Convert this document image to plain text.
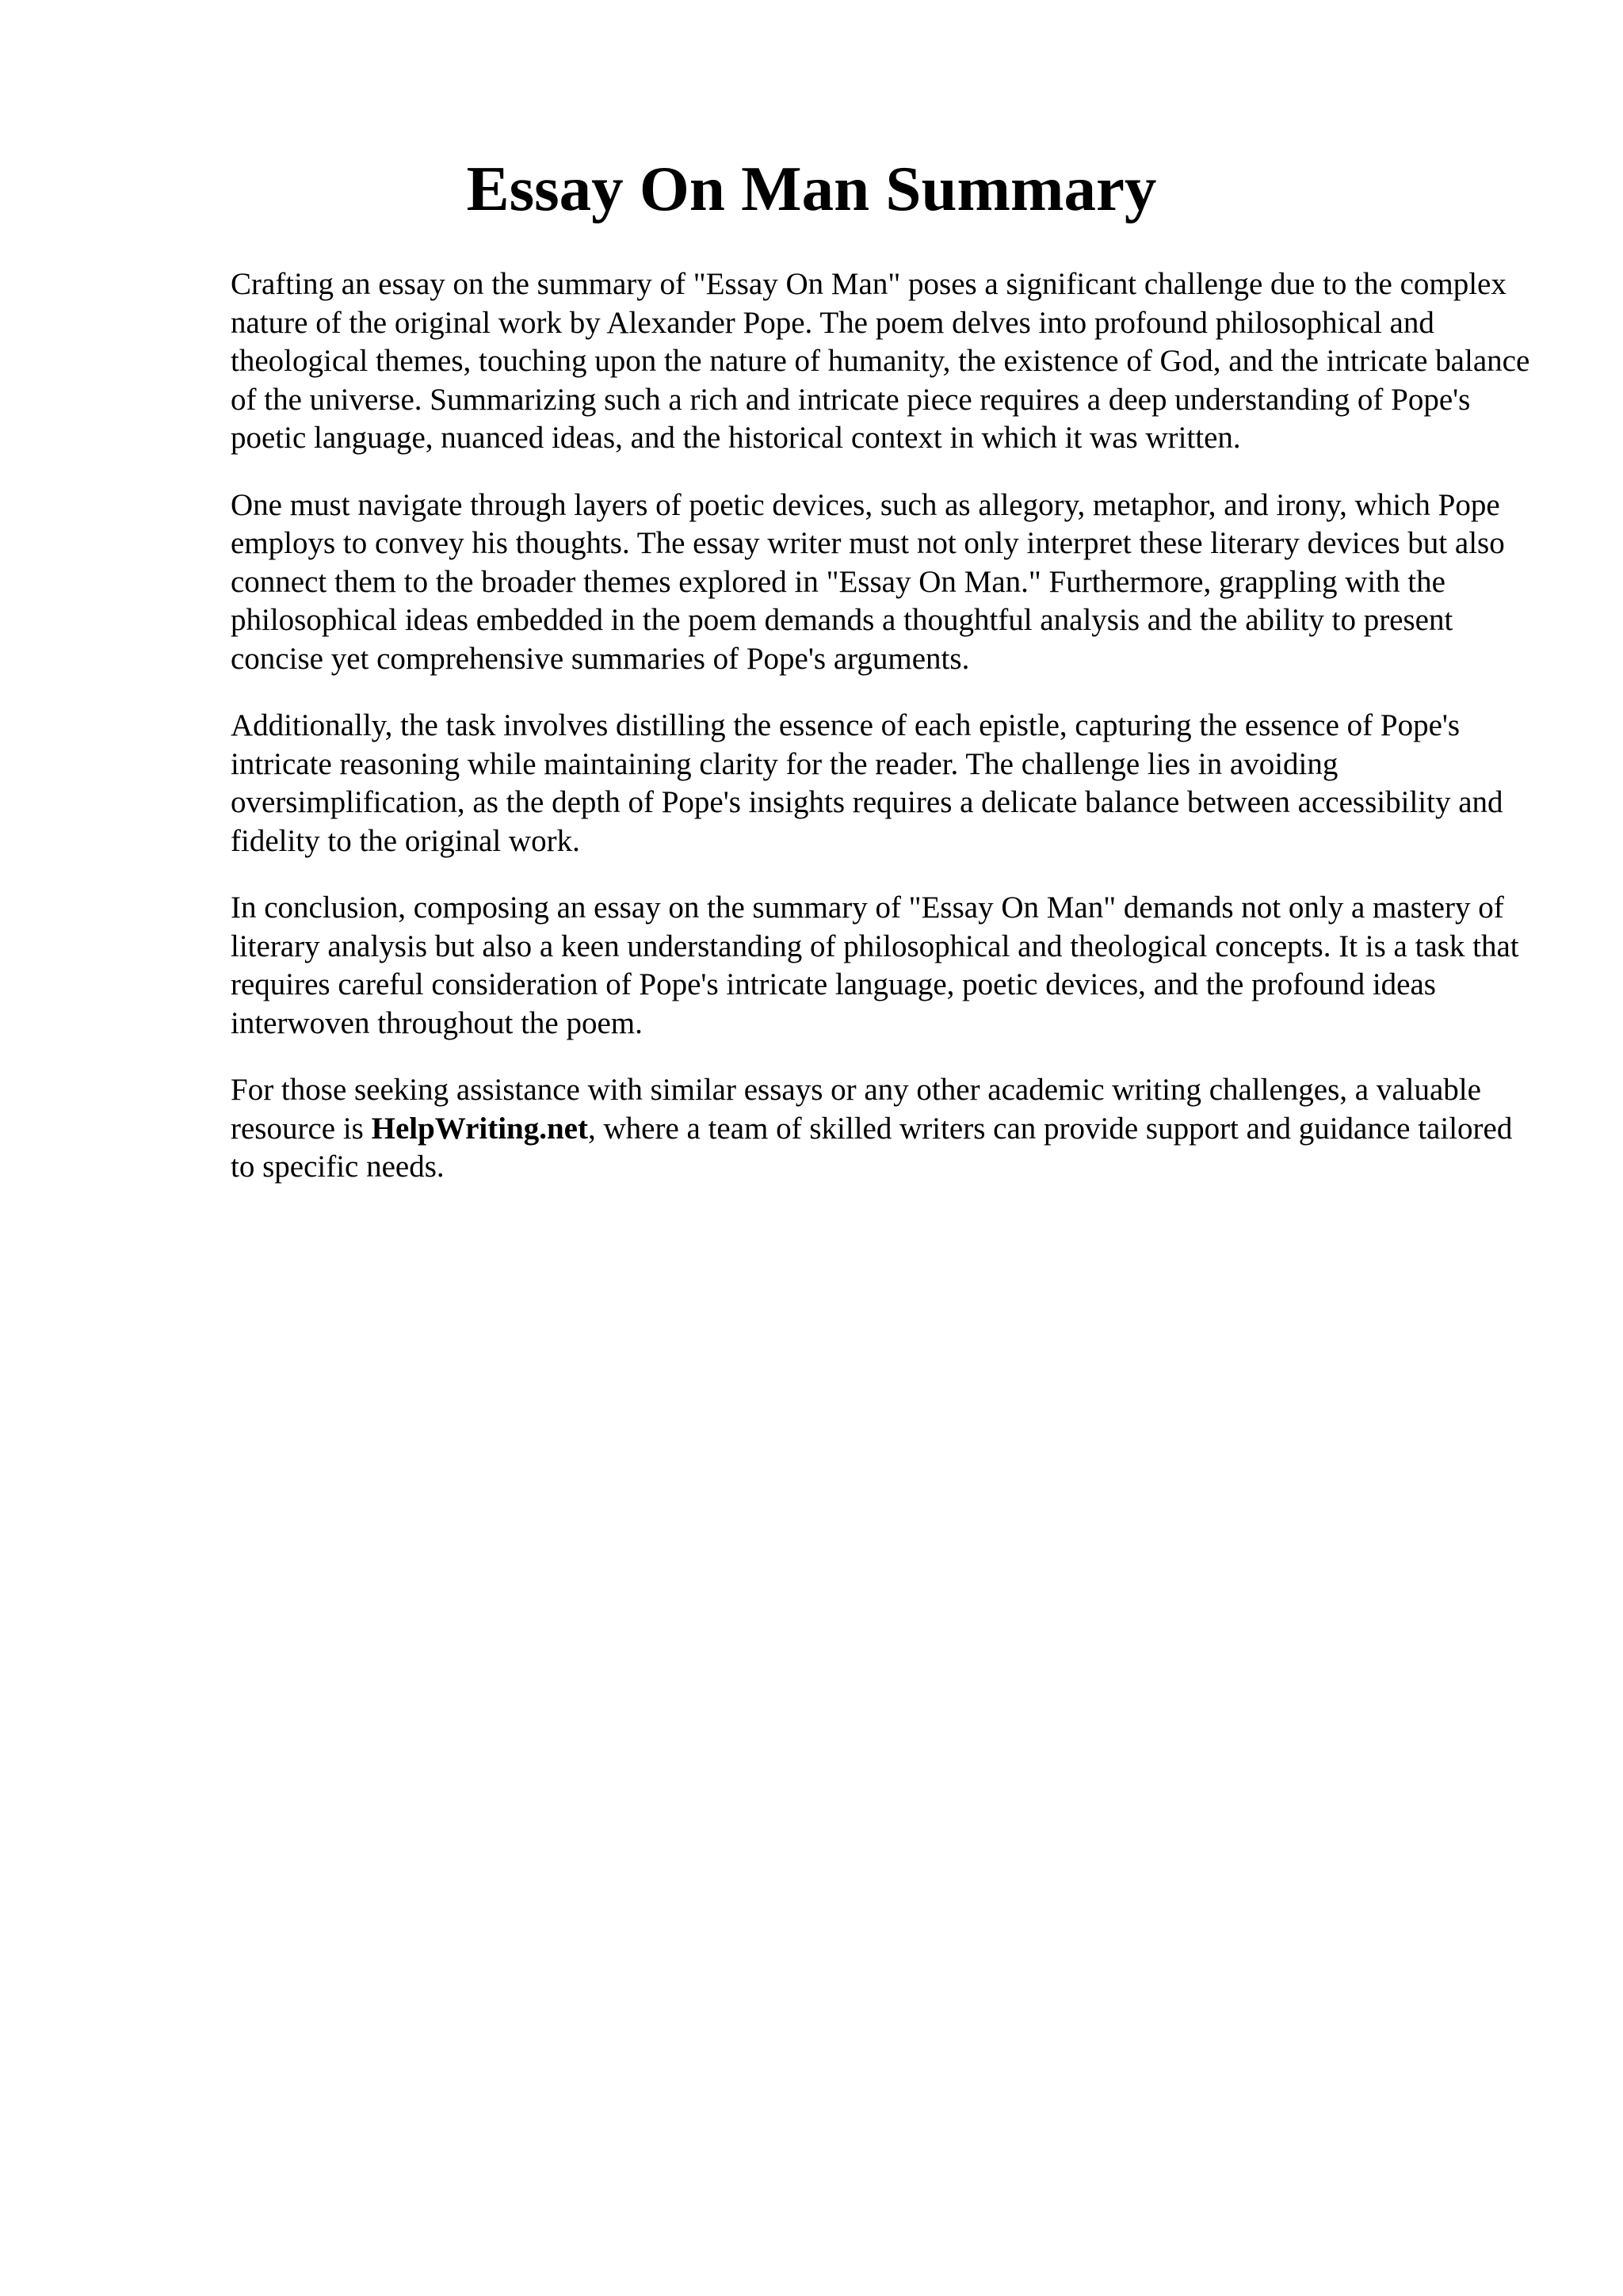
Essay On Man Summary

Crafting an essay on the summary of "Essay On Man" poses a significant challenge due to the complex nature of the original work by Alexander Pope. The poem delves into profound philosophical and theological themes, touching upon the nature of humanity, the existence of God, and the intricate balance of the universe. Summarizing such a rich and intricate piece requires a deep understanding of Pope's poetic language, nuanced ideas, and the historical context in which it was written.

One must navigate through layers of poetic devices, such as allegory, metaphor, and irony, which Pope employs to convey his thoughts. The essay writer must not only interpret these literary devices but also connect them to the broader themes explored in "Essay On Man." Furthermore, grappling with the philosophical ideas embedded in the poem demands a thoughtful analysis and the ability to present concise yet comprehensive summaries of Pope's arguments.

Additionally, the task involves distilling the essence of each epistle, capturing the essence of Pope's intricate reasoning while maintaining clarity for the reader. The challenge lies in avoiding oversimplification, as the depth of Pope's insights requires a delicate balance between accessibility and fidelity to the original work.

In conclusion, composing an essay on the summary of "Essay On Man" demands not only a mastery of literary analysis but also a keen understanding of philosophical and theological concepts. It is a task that requires careful consideration of Pope's intricate language, poetic devices, and the profound ideas interwoven throughout the poem.

For those seeking assistance with similar essays or any other academic writing challenges, a valuable resource is HelpWriting.net, where a team of skilled writers can provide support and guidance tailored to specific needs.
